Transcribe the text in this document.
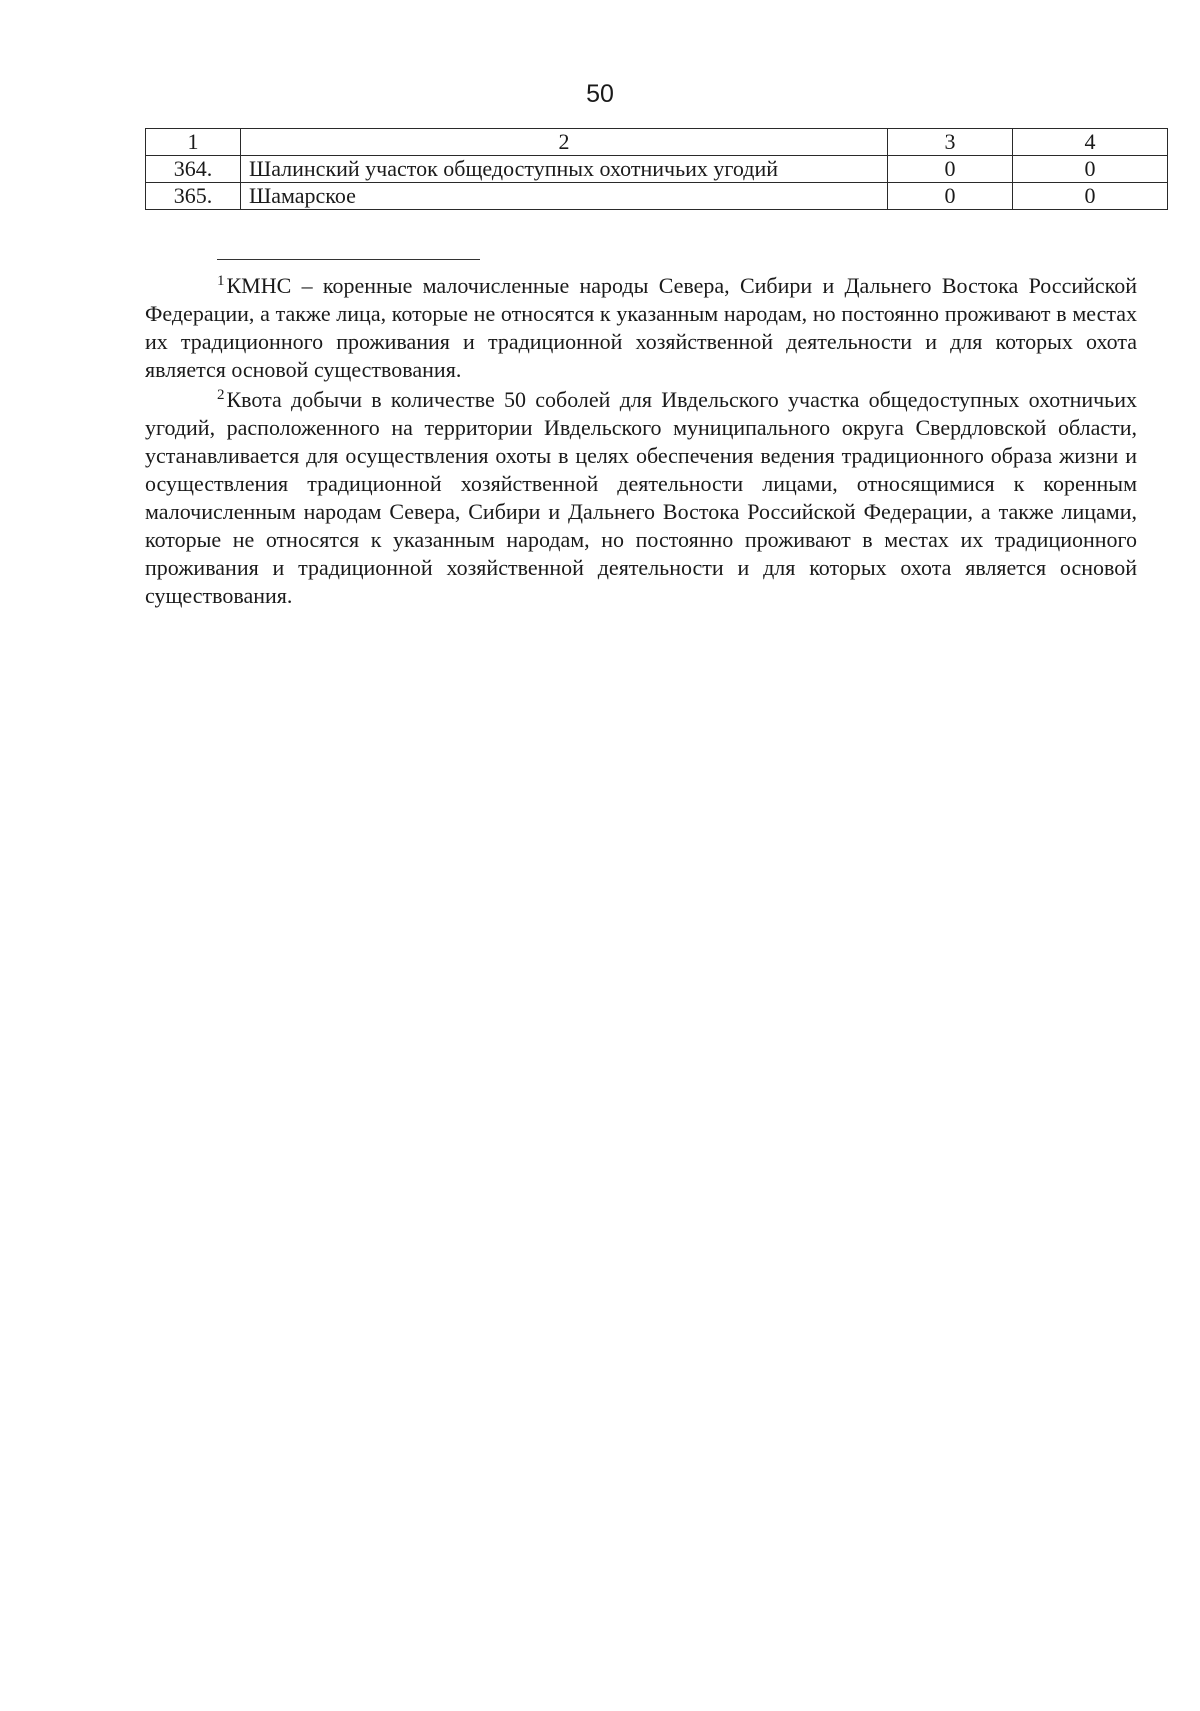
50
1	2	3	4
364.	Шалинский участок общедоступных охотничьих угодий	0	0
365.	Шамарское	0	0

$^1$КМНС – коренные малочисленные народы Севера, Сибири и Дальнего Востока Российской Федерации, а также лица, которые не относятся к указанным народам, но постоянно проживают в местах их традиционного проживания и традиционной хозяйственной деятельности и для которых охота является основой существования.

$^2$Квота добычи в количестве 50 соболей для Ивдельского участка общедоступных охотничьих угодий, расположенного на территории Ивдельского муниципального округа Свердловской области, устанавливается для осуществления охоты в целях обеспечения ведения традиционного образа жизни и осуществления традиционной хозяйственной деятельности лицами, относящимися к коренным малочисленным народам Севера, Сибири и Дальнего Востока Российской Федерации, а также лицами, которые не относятся к указанным народам, но постоянно проживают в местах их традиционного проживания и традиционной хозяйственной деятельности и для которых охота является основой существования.
